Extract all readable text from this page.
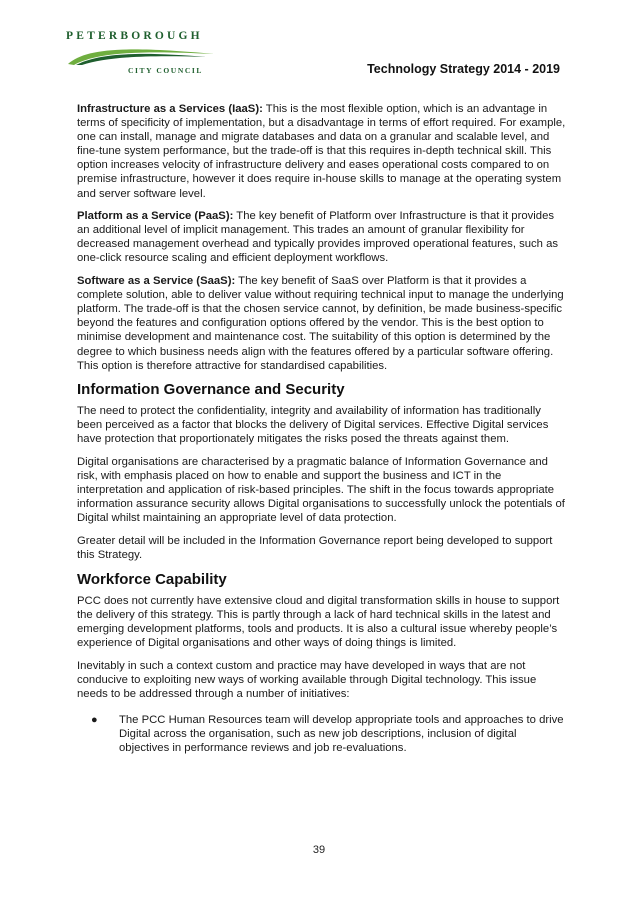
PETERBOROUGH
CITY COUNCIL	Technology Strategy 2014 - 2019

Infrastructure as a Services (IaaS): This is the most flexible option, which is an advantage in terms of specificity of implementation, but a disadvantage in terms of effort required. For example, one can install, manage and migrate databases and data on a granular and scalable level, and fine-tune system performance, but the trade-off is that this requires in-depth technical skill. This option increases velocity of infrastructure delivery and eases operational costs compared to on premise infrastructure, however it does require in-house skills to manage at the operating system and server software level.

Platform as a Service (PaaS): The key benefit of Platform over Infrastructure is that it provides an additional level of implicit management. This trades an amount of granular flexibility for decreased management overhead and typically provides improved operational features, such as one-click resource scaling and efficient deployment workflows.

Software as a Service (SaaS): The key benefit of SaaS over Platform is that it provides a complete solution, able to deliver value without requiring technical input to manage the underlying platform. The trade-off is that the chosen service cannot, by definition, be made business-specific beyond the features and configuration options offered by the vendor. This is the best option to minimise development and maintenance cost. The suitability of this option is determined by the degree to which business needs align with the features offered by a particular software offering. This option is therefore attractive for standardised capabilities.

Information Governance and Security

The need to protect the confidentiality, integrity and availability of information has traditionally been perceived as a factor that blocks the delivery of Digital services. Effective Digital services have protection that proportionately mitigates the risks posed the threats against them.

Digital organisations are characterised by a pragmatic balance of Information Governance and risk, with emphasis placed on how to enable and support the business and ICT in the interpretation and application of risk-based principles. The shift in the focus towards appropriate information assurance security allows Digital organisations to successfully unlock the potentials of Digital whilst maintaining an appropriate level of data protection.

Greater detail will be included in the Information Governance report being developed to support this Strategy.

Workforce Capability

PCC does not currently have extensive cloud and digital transformation skills in house to support the delivery of this strategy. This is partly through a lack of hard technical skills in the latest and emerging development platforms, tools and products. It is also a cultural issue whereby people’s experience of Digital organisations and other ways of doing things is limited.

Inevitably in such a context custom and practice may have developed in ways that are not conducive to exploiting new ways of working available through Digital technology. This issue needs to be addressed through a number of initiatives:

● The PCC Human Resources team will develop appropriate tools and approaches to drive Digital across the organisation, such as new job descriptions, inclusion of digital objectives in performance reviews and job re-evaluations.
39
